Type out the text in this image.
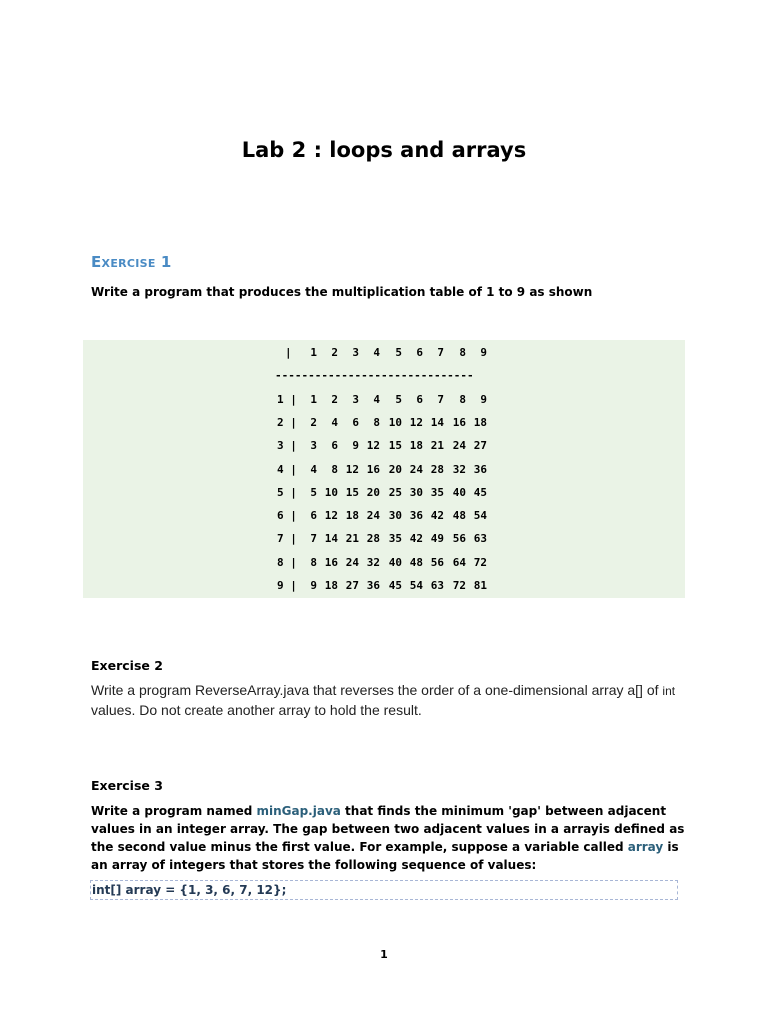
Lab 2 : loops and arrays
EXERCISE 1
Write a program that produces the multiplication table of 1 to 9 as shown
| 1 2 3 4 5 6 7 8 9
------------------------------
1 | 1 2 3 4 5 6 7 8 9
2 | 2 4 6 8 10 12 14 16 18
3 | 3 6 9 12 15 18 21 24 27
4 | 4 8 12 16 20 24 28 32 36
5 | 5 10 15 20 25 30 35 40 45
6 | 6 12 18 24 30 36 42 48 54
7 | 7 14 21 28 35 42 49 56 63
8 | 8 16 24 32 40 48 56 64 72
9 | 9 18 27 36 45 54 63 72 81
Exercise 2
Write a program ReverseArray.java that reverses the order of a one-dimensional array a[] of int values. Do not create another array to hold the result.
Exercise 3
Write a program named minGap.java that finds the minimum 'gap' between adjacent values in an integer array. The gap between two adjacent values in a arrayis defined as the second value minus the first value. For example, suppose a variable called array is an array of integers that stores the following sequence of values:
int[] array = {1, 3, 6, 7, 12};
1
